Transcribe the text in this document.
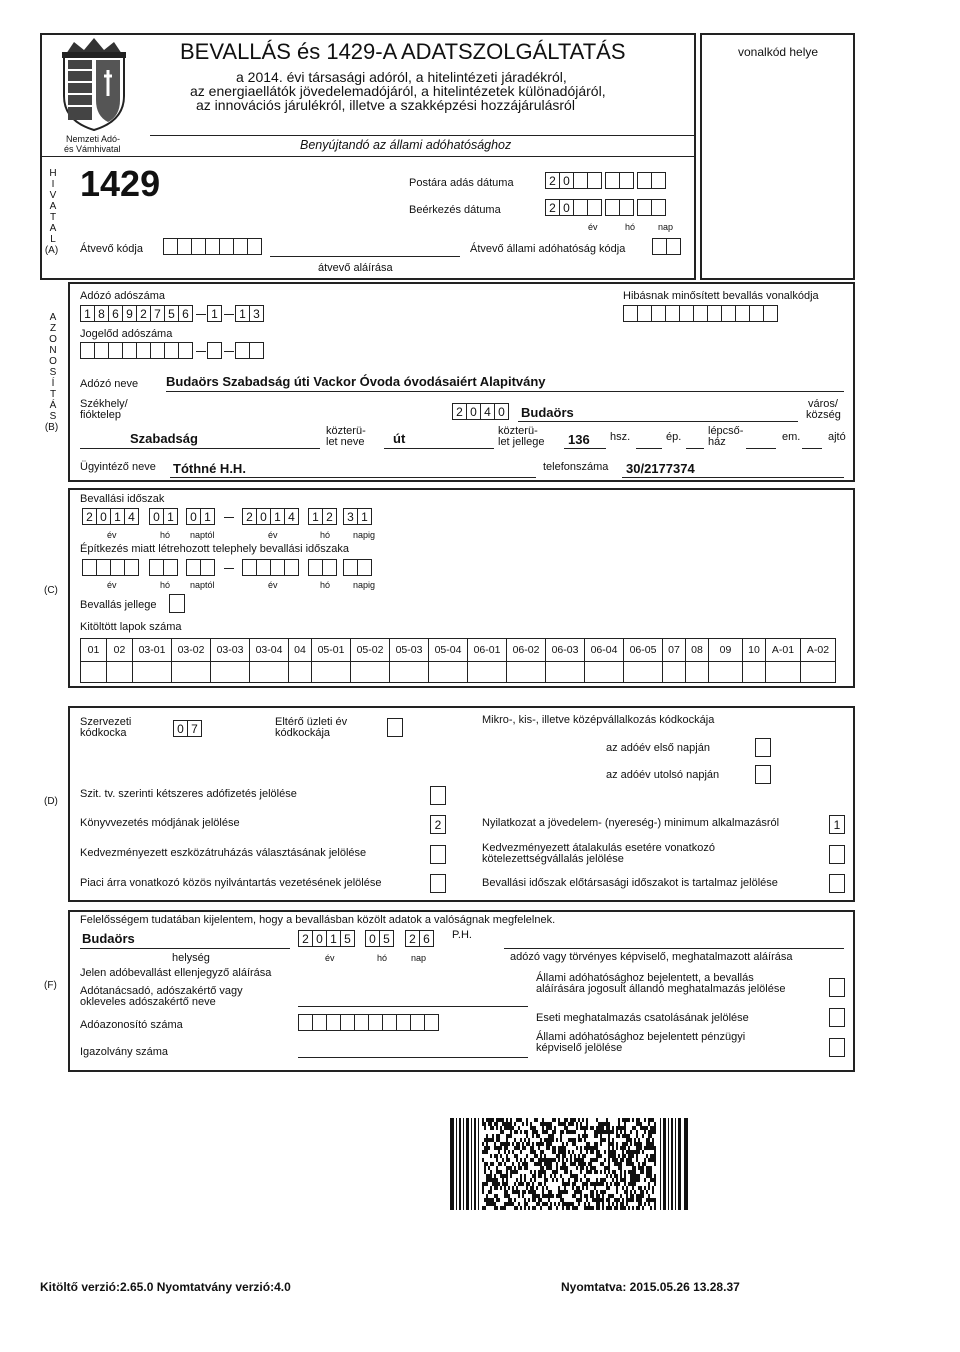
vonalkód helye
Nemzeti Adó-
és Vámhivatal
BEVALLÁS és 1429-A ADATSZOLGÁLTATÁS
a 2014. évi társasági adóról, a hitelintézeti járadékról,
az energiaellátók jövedelemadójáról, a hitelintézetek különadójáról,
az innovációs járulékról, illetve a szakképzési hozzájárulásról
Benyújtandó az állami adóhatósághoz
H
I
V
A
T
A
L
(A)
1429	Postára adás dátuma	2 0
Beérkezés dátuma	2 0
év	hó	nap
Átvevő kódja
átvevő aláírása
Átvevő állami adóhatóság kódja
A
Z
O
N
O
S
Í
T
Á
S
(B)
Adózó adószáma
1 8 6 9 2 7 5 6	1	1 3
Hibásnak minősített bevallás vonalkódja
Jogelőd adószáma
Adózó neve Budaörs Szabadság úti Vackor Óvoda óvodásaiért Alapitvány
Székhely/
fióktelep	2 0 4 0	Budaörs
város/
község
Szabadság	közterü-
let neve út	közterü-
let jellege 136 hsz.	ép. lépcső-
ház	em.	ajtó
Ügyintéző neve Tóthné H.H.	telefonszáma 30/2177374
(C)
Bevallási időszak
2 0 1 4	0 1	0 1	2 0 1 4	1 2	3 1
év	hó naptól	év	hó	napig
Építkezés miatt létrehozott telephely bevallási időszaka
év	hó naptól	év	hó	napig
Bevallás jellege
Kitöltött lapok száma
01	02	03-01	03-02	03-03	03-04	04	05-01	05-02	05-03	05-04	06-01	06-02	06-03	06-04	06-05	07	08	09	10	A-01	A-02
(D)
Szervezeti
kódkocka	0 7	Eltérő üzleti év
kódkockája
Mikro-, kis-, illetve középvállalkozás kódkockája
az adóév első napján
az adóév utolsó napján
Szit. tv. szerinti kétszeres adófizetés jelölése
Könyvvezetés módjának jelölése	2	Nyilatkozat a jövedelem- (nyereség-) minimum alkalmazásról	1
Kedvezményezett eszközátruházás választásának jelölése	Kedvezményezett átalakulás esetére vonatkozó
kötelezettségvállalás jelölése
Piaci árra vonatkozó közös nyilvántartás vezetésének jelölése	Bevallási időszak előtársasági időszakot is tartalmaz jelölése
(F)
Felelősségem tudatában kijelentem, hogy a bevallásban közölt adatok a valóságnak megfelelnek.
Budaörs	2 0 1 5	0 5	2 6	P.H.
helység	év	hó	nap	adózó vagy törvényes képviselő, meghatalmazott aláírása
Jelen adóbevallást ellenjegyző aláírása
Adótanácsadó, adószakértő vagy
okleveles adószakértő neve
Állami adóhatósághoz bejelentett, a bevallás
aláírására jogosult állandó meghatalmazás jelölése
Adóazonosító száma
Eseti meghatalmazás csatolásának jelölése
Igazolvány száma
Állami adóhatósághoz bejelentett pénzügyi
képviselő jelölése
Kitöltő verzió:2.65.0 Nyomtatvány verzió:4.0	Nyomtatva: 2015.05.26 13.28.37
